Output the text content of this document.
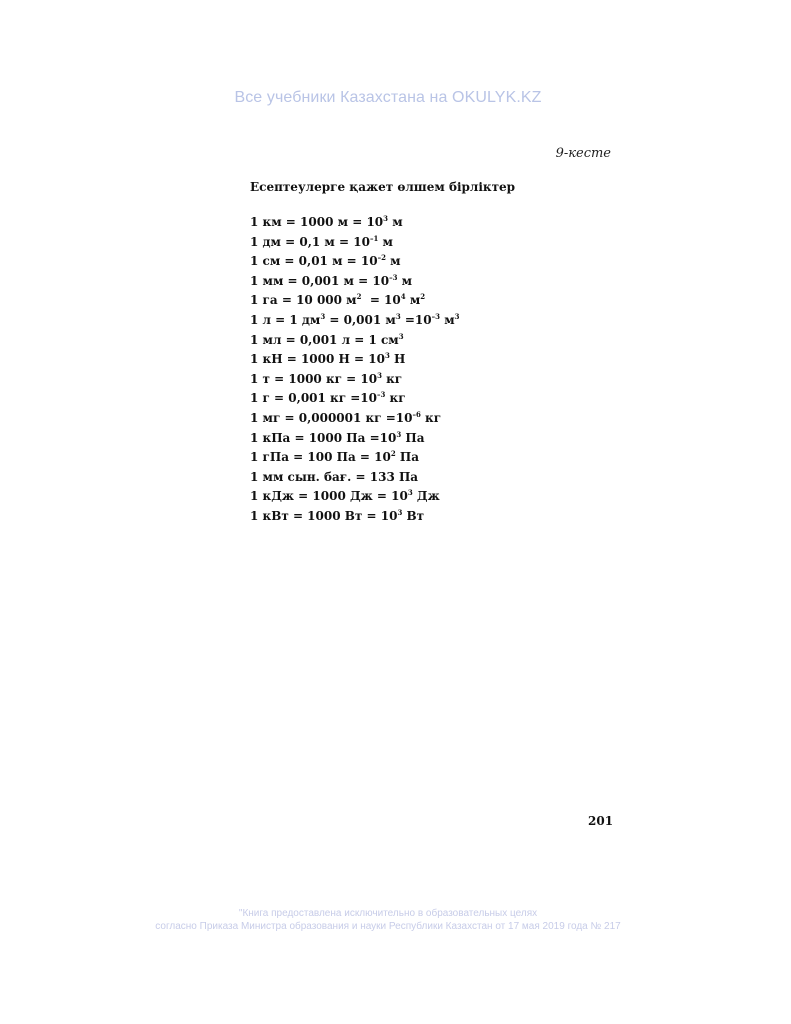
Все учебники Казахстана на OKULYK.KZ
9-кесте
Есептеулерге қажет өлшем бірліктер
1 км = 1000 $м = 10^3$ м
1 дм = 0,1 $м = 10^{-1}$ м
1 см = 0,01 $м = 10^{-2}$ м
1 мм = 0,001 $м = 10^{-3}$ м
1 га = 10 000 $м^2 = 10^4$ $м^2$
1 л = 1 $дм^3 = 0,001$ $м^3 =10^{-3}$ $м^3$
1 мл = 0,001 л = 1 $см^3$
1 кН = 1000 $Н = 10^3$ Н
1 т = 1000 кг = $10^3$ кг
1 г = 0,001 кг $=10^{-3}$ кг
1 мг = 0,000001 кг $=10^{-6}$ кг
1 кПа = 1000 Па $=10^3$ Па
1 гПа = 100 Па = $10^2$ Па
1 мм сын. бағ. = 133 Па
1 кДж = 1000 Дж = $10^3$ Дж
1 кВт = 1000 Вт = $10^3$ Вт
201
"Книга предоставлена исключительно в образовательных целях
согласно Приказа Министра образования и науки Республики Казахстан от 17 мая 2019 года № 217
